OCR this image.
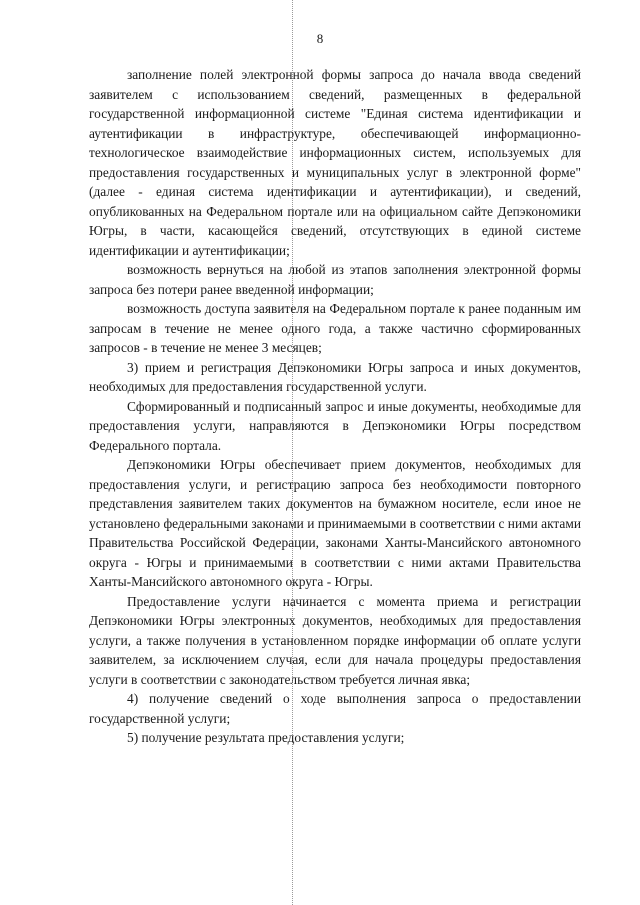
8

заполнение полей электронной формы запроса до начала ввода сведений заявителем с использованием сведений, размещенных в федеральной государственной информационной системе "Единая система идентификации и аутентификации в инфраструктуре, обеспечивающей информационно-технологическое взаимодействие информационных систем, используемых для предоставления государственных и муниципальных услуг в электронной форме" (далее - единая система идентификации и аутентификации), и сведений, опубликованных на Федеральном портале или на официальном сайте Депэкономики Югры, в части, касающейся сведений, отсутствующих в единой системе идентификации и аутентификации;

возможность вернуться на любой из этапов заполнения электронной формы запроса без потери ранее введенной информации;

возможность доступа заявителя на Федеральном портале к ранее поданным им запросам в течение не менее одного года, а также частично сформированных запросов - в течение не менее 3 месяцев;

3) прием и регистрация Депэкономики Югры запроса и иных документов, необходимых для предоставления государственной услуги.

Сформированный и подписанный запрос и иные документы, необходимые для предоставления услуги, направляются в Депэкономики Югры посредством Федерального портала.

Депэкономики Югры обеспечивает прием документов, необходимых для предоставления услуги, и регистрацию запроса без необходимости повторного представления заявителем таких документов на бумажном носителе, если иное не установлено федеральными законами и принимаемыми в соответствии с ними актами Правительства Российской Федерации, законами Ханты-Мансийского автономного округа - Югры и принимаемыми в соответствии с ними актами Правительства Ханты-Мансийского автономного округа - Югры.

Предоставление услуги начинается с момента приема и регистрации Депэкономики Югры электронных документов, необходимых для предоставления услуги, а также получения в установленном порядке информации об оплате услуги заявителем, за исключением случая, если для начала процедуры предоставления услуги в соответствии с законодательством требуется личная явка;

4) получение сведений о ходе выполнения запроса о предоставлении государственной услуги;

5) получение результата предоставления услуги;
